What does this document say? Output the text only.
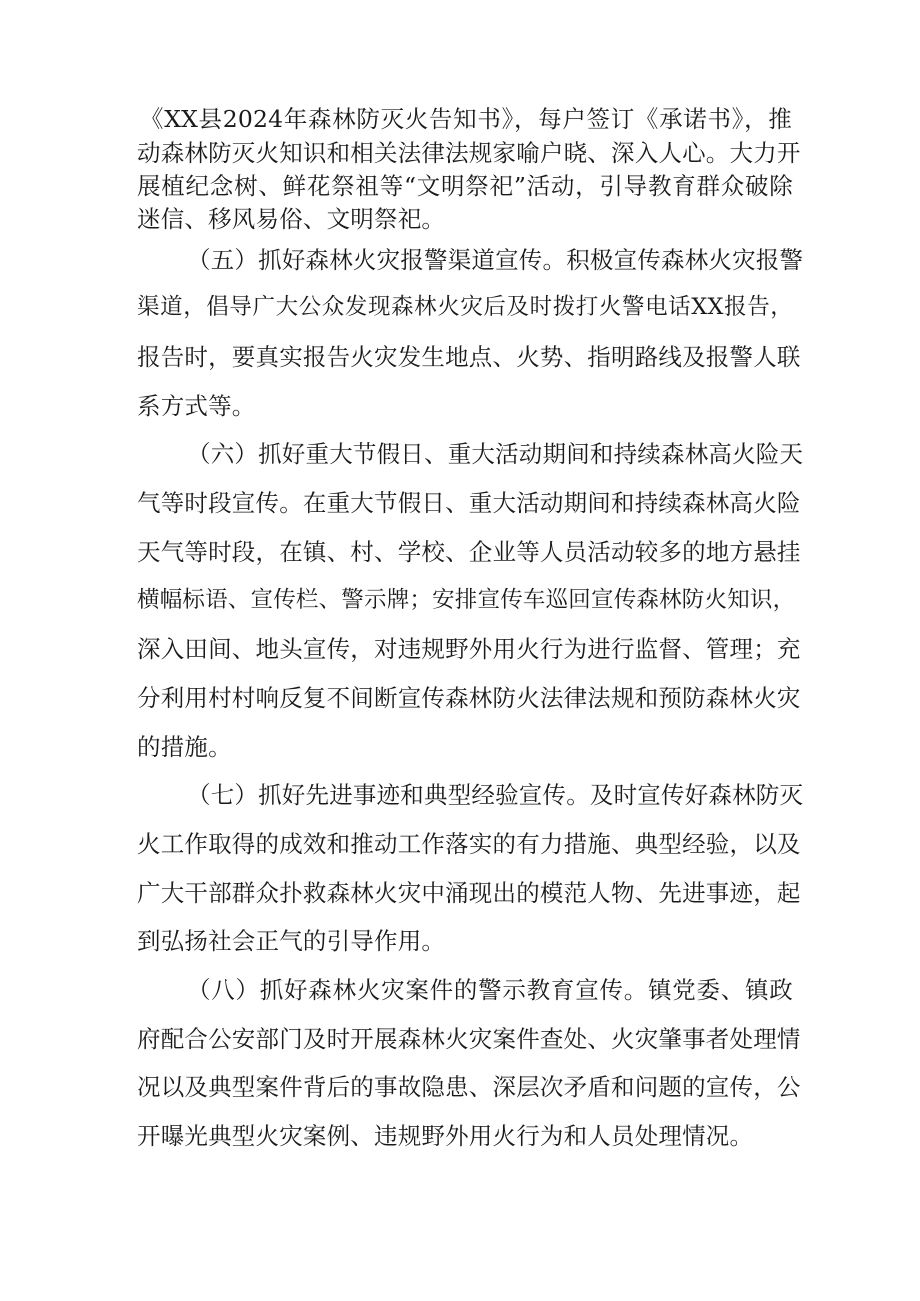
《XX县2024年森林防灭火告知书》，每户签订《承诺书》，推
动森林防灭火知识和相关法律法规家喻户晓、深入人心。大力开
展植纪念树、鲜花祭祖等“文明祭祀”活动，引导教育群众破除
迷信、移风易俗、文明祭祀。
（五）抓好森林火灾报警渠道宣传。积极宣传森林火灾报警
渠道，倡导广大公众发现森林火灾后及时拨打火警电话XX报告，
报告时，要真实报告火灾发生地点、火势、指明路线及报警人联
系方式等。
（六）抓好重大节假日、重大活动期间和持续森林高火险天
气等时段宣传。在重大节假日、重大活动期间和持续森林高火险
天气等时段，在镇、村、学校、企业等人员活动较多的地方悬挂
横幅标语、宣传栏、警示牌；安排宣传车巡回宣传森林防火知识，
深入田间、地头宣传，对违规野外用火行为进行监督、管理；充
分利用村村响反复不间断宣传森林防火法律法规和预防森林火灾
的措施。
（七）抓好先进事迹和典型经验宣传。及时宣传好森林防灭
火工作取得的成效和推动工作落实的有力措施、典型经验，以及
广大干部群众扑救森林火灾中涌现出的模范人物、先进事迹，起
到弘扬社会正气的引导作用。
（八）抓好森林火灾案件的警示教育宣传。镇党委、镇政
府配合公安部门及时开展森林火灾案件查处、火灾肇事者处理情
况以及典型案件背后的事故隐患、深层次矛盾和问题的宣传，公
开曝光典型火灾案例、违规野外用火行为和人员处理情况。
